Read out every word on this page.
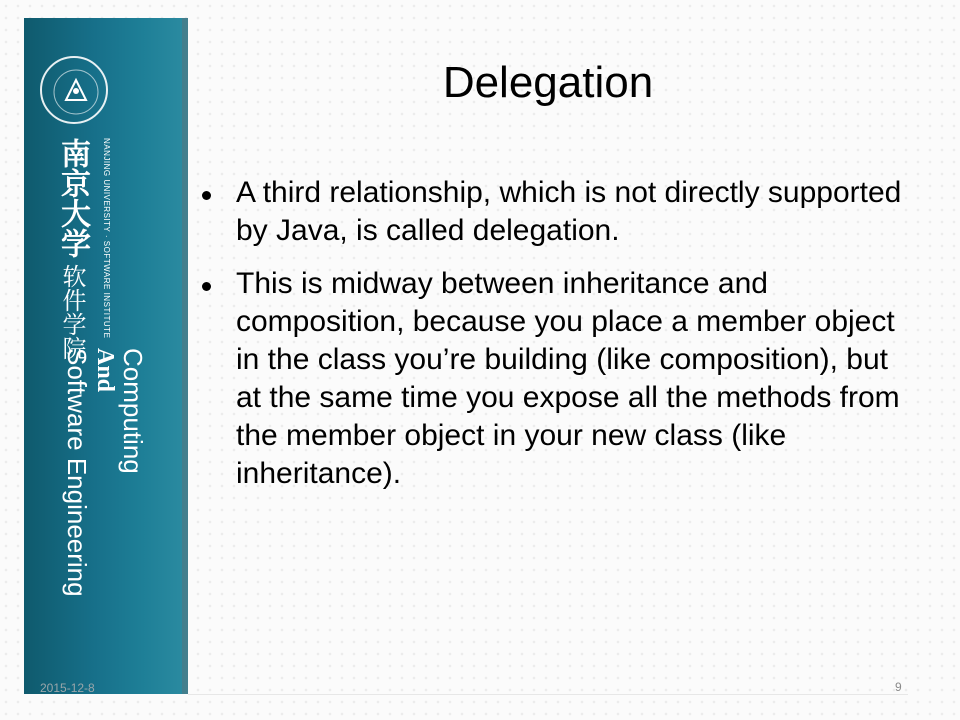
南京大学
软件学院 NANJING UNIVERSITY · SOFTWARE INSTITUTE
Computing
And
Software Engineering
Delegation
A third relationship, which is not directly supported by Java, is called delegation.
This is midway between inheritance and composition, because you place a member object in the class you’re building (like composition), but at the same time you expose all the methods from the member object in your new class (like inheritance).
2015-12-8	9
